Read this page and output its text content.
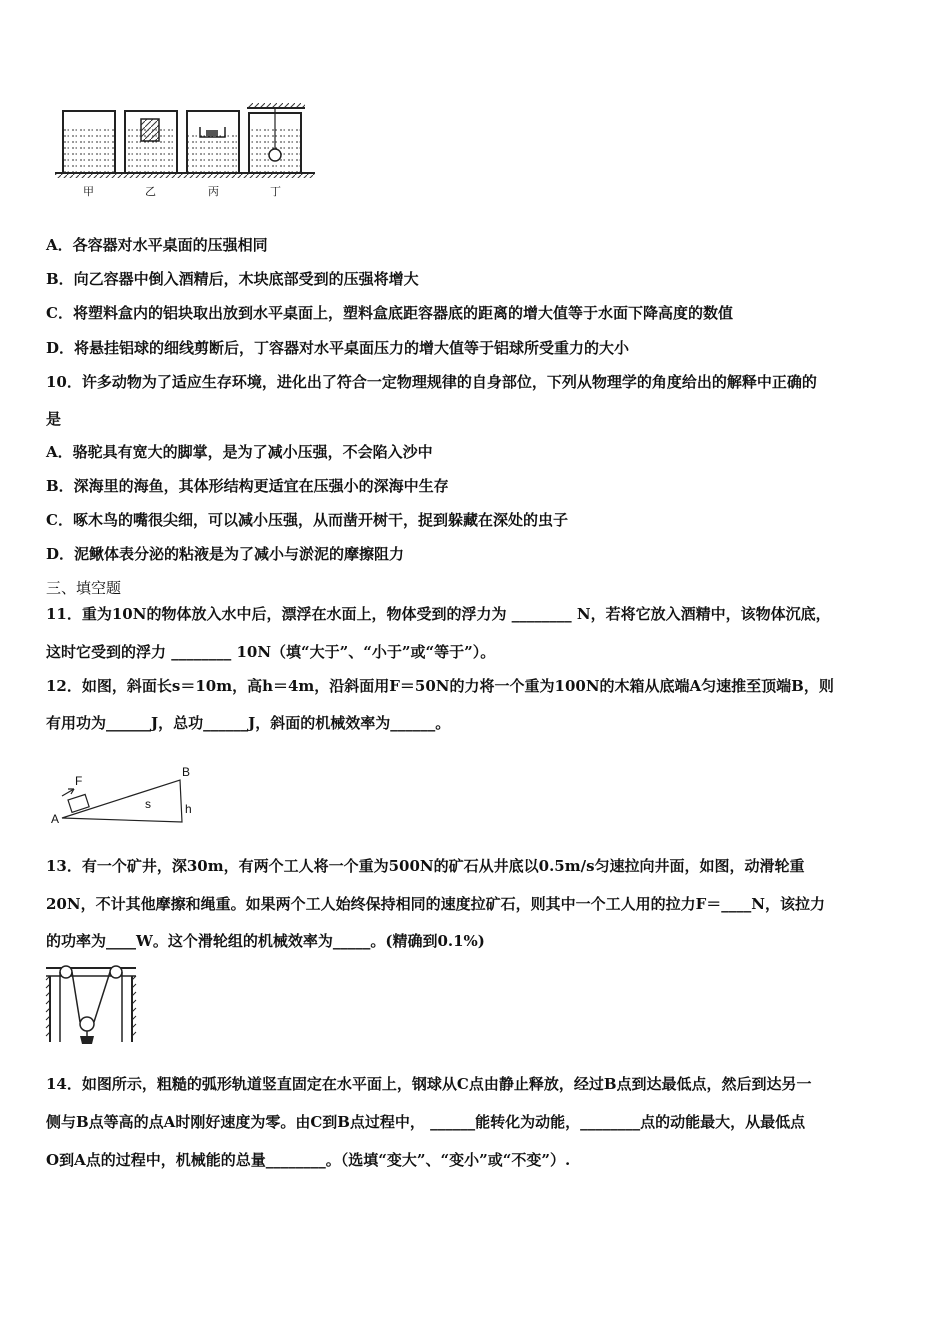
甲	乙	丙	丁
A．各容器对水平桌面的压强相同
B．向乙容器中倒入酒精后，木块底部受到的压强将增大
C．将塑料盒内的铝块取出放到水平桌面上，塑料盒底距容器底的距离的增大值等于水面下降高度的数值
D．将悬挂铝球的细线剪断后，丁容器对水平桌面压力的增大值等于铝球所受重力的大小
10．许多动物为了适应生存环境，进化出了符合一定物理规律的自身部位，下列从物理学的角度给出的解释中正确的
是
A．骆驼具有宽大的脚掌，是为了减小压强，不会陷入沙中
B．深海里的海鱼，其体形结构更适宜在压强小的深海中生存
C．啄木鸟的嘴很尖细，可以减小压强，从而凿开树干，捉到躲藏在深处的虫子
D．泥鳅体表分泌的粘液是为了减小与淤泥的摩擦阻力
三、填空题
11．重为10N的物体放入水中后，漂浮在水面上，物体受到的浮力为 ________ N，若将它放入酒精中，该物体沉底，
这时它受到的浮力 ________ 10N（填“大于”、“小于”或“等于”）。
12．如图，斜面长s＝10m，高h＝4m，沿斜面用F＝50N的力将一个重为100N的木箱从底端A匀速推至顶端B，则
有用功为______J，总功______J，斜面的机械效率为______。
F
B
s	h
A
13．有一个矿井，深30m，有两个工人将一个重为500N的矿石从井底以0.5m/s匀速拉向井面，如图，动滑轮重
20N，不计其他摩擦和绳重。如果两个工人始终保持相同的速度拉矿石，则其中一个工人用的拉力F＝____N，该拉力
的功率为____W。这个滑轮组的机械效率为_____。(精确到0.1%)
14．如图所示，粗糙的弧形轨道竖直固定在水平面上，钢球从C点由静止释放，经过B点到达最低点，然后到达另一
侧与B点等高的点A时刚好速度为零。由C到B点过程中， ______能转化为动能，________点的动能最大，从最低点
O到A点的过程中，机械能的总量________。（选填“变大”、“变小”或“不变”）.
